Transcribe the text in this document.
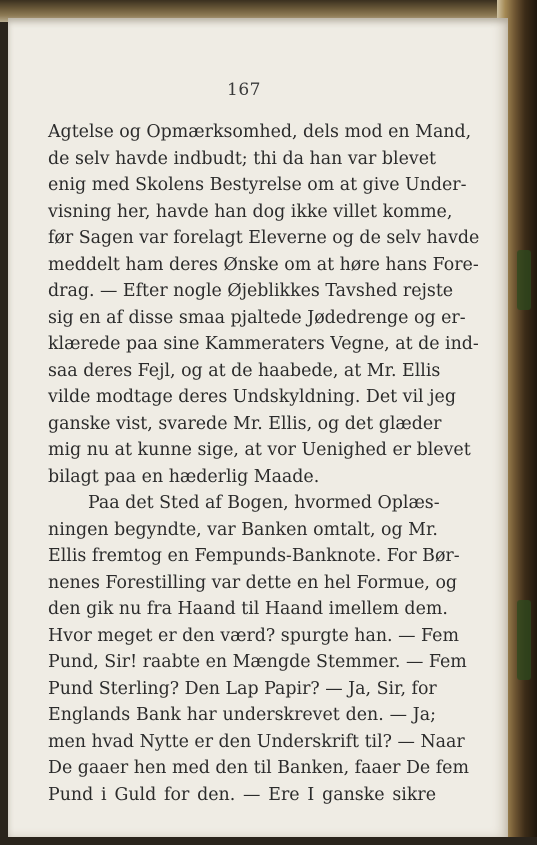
167
Agtelse og Opmærksomhed, dels mod en Mand,
de selv havde indbudt; thi da han var blevet
enig med Skolens Bestyrelse om at give Under-
visning her, havde han dog ikke villet komme,
før Sagen var forelagt Eleverne og de selv havde
meddelt ham deres Ønske om at høre hans Fore-
drag. — Efter nogle Øjeblikkes Tavshed rejste
sig en af disse smaa pjaltede Jødedrenge og er-
klærede paa sine Kammeraters Vegne, at de ind-
saa deres Fejl, og at de haabede, at Mr. Ellis
vilde modtage deres Undskyldning. Det vil jeg
ganske vist, svarede Mr. Ellis, og det glæder
mig nu at kunne sige, at vor Uenighed er blevet
bilagt paa en hæderlig Maade.
Paa det Sted af Bogen, hvormed Oplæs-
ningen begyndte, var Banken omtalt, og Mr.
Ellis fremtog en Fempunds-Banknote. For Bør-
nenes Forestilling var dette en hel Formue, og
den gik nu fra Haand til Haand imellem dem.
Hvor meget er den værd? spurgte han. — Fem
Pund, Sir! raabte en Mængde Stemmer. — Fem
Pund Sterling? Den Lap Papir? — Ja, Sir, for
Englands Bank har underskrevet den. — Ja;
men hvad Nytte er den Underskrift til? — Naar
De gaaer hen med den til Banken, faaer De fem
Pund i Guld for den. — Ere I ganske sikre
